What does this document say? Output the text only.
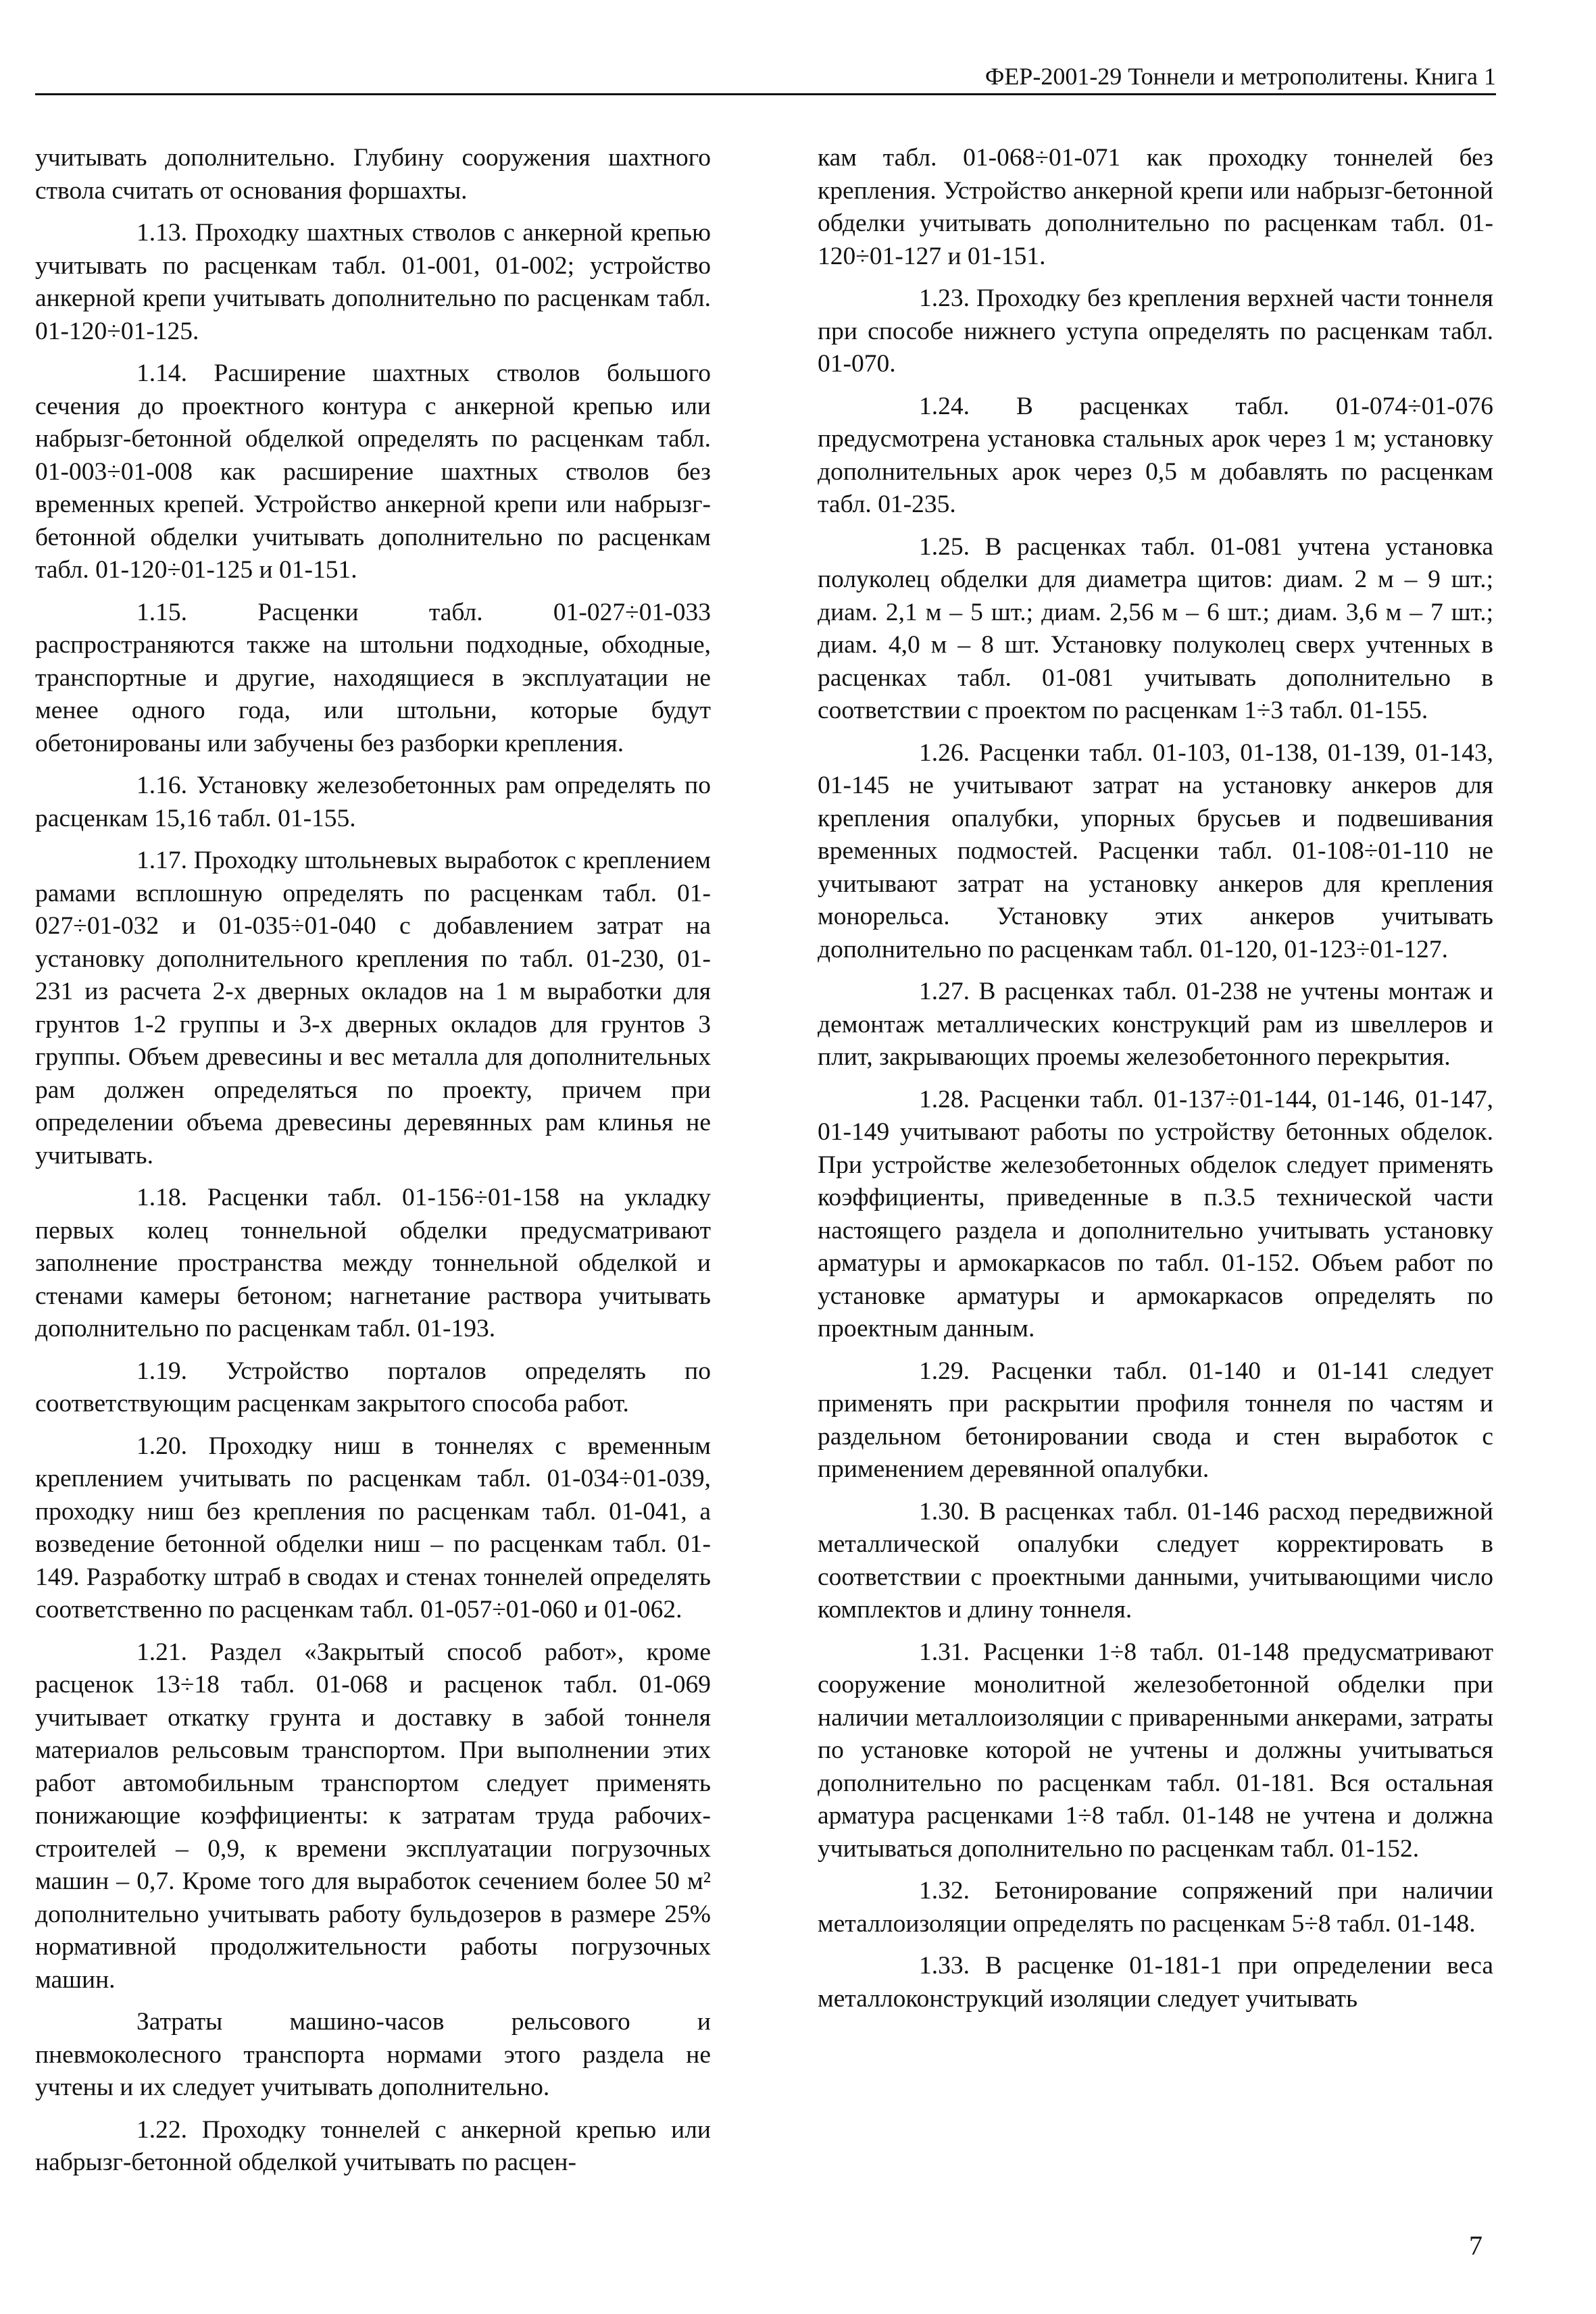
ФЕР-2001-29 Тоннели и метрополитены. Книга 1

учитывать дополнительно. Глубину сооружения шахтного ствола считать от основания форшахты.

1.13. Проходку шахтных стволов с анкерной крепью учитывать по расценкам табл. 01-001, 01-002; устройство анкерной крепи учитывать дополнительно по расценкам табл. 01-120÷01-125.

1.14. Расширение шахтных стволов большого сечения до проектного контура с анкерной крепью или набрызг-бетонной обделкой определять по расценкам табл. 01-003÷01-008 как расширение шахтных стволов без временных крепей. Устройство анкерной крепи или набрызг-бетонной обделки учитывать дополнительно по расценкам табл. 01-120÷01-125 и 01-151.

1.15. Расценки табл. 01-027÷01-033 распространяются также на штольни подходные, обходные, транспортные и другие, находящиеся в эксплуатации не менее одного года, или штольни, которые будут обетонированы или забучены без разборки крепления.

1.16. Установку железобетонных рам определять по расценкам 15,16 табл. 01-155.

1.17. Проходку штольневых выработок с креплением рамами всплошную определять по расценкам табл. 01-027÷01-032 и 01-035÷01-040 с добавлением затрат на установку дополнительного крепления по табл. 01-230, 01-231 из расчета 2-х дверных окладов на 1 м выработки для грунтов 1-2 группы и 3-х дверных окладов для грунтов 3 группы. Объем древесины и вес металла для дополнительных рам должен определяться по проекту, причем при определении объема древесины деревянных рам клинья не учитывать.

1.18. Расценки табл. 01-156÷01-158 на укладку первых колец тоннельной обделки предусматривают заполнение пространства между тоннельной обделкой и стенами камеры бетоном; нагнетание раствора учитывать дополнительно по расценкам табл. 01-193.

1.19. Устройство порталов определять по соответствующим расценкам закрытого способа работ.

1.20. Проходку ниш в тоннелях с временным креплением учитывать по расценкам табл. 01-034÷01-039, проходку ниш без крепления по расценкам табл. 01-041, а возведение бетонной обделки ниш – по расценкам табл. 01-149. Разработку штраб в сводах и стенах тоннелей определять соответственно по расценкам табл. 01-057÷01-060 и 01-062.

1.21. Раздел «Закрытый способ работ», кроме расценок 13÷18 табл. 01-068 и расценок табл. 01-069 учитывает откатку грунта и доставку в забой тоннеля материалов рельсовым транспортом. При выполнении этих работ автомобильным транспортом следует применять понижающие коэффициенты: к затратам труда рабочих-строителей – 0,9, к времени эксплуатации погрузочных машин – 0,7. Кроме того для выработок сечением более 50 м² дополнительно учитывать работу бульдозеров в размере 25% нормативной продолжительности работы погрузочных машин.

Затраты машино-часов рельсового и пневмоколесного транспорта нормами этого раздела не учтены и их следует учитывать дополнительно.

1.22. Проходку тоннелей с анкерной крепью или набрызг-бетонной обделкой учитывать по расцен-

кам табл. 01-068÷01-071 как проходку тоннелей без крепления. Устройство анкерной крепи или набрызг-бетонной обделки учитывать дополнительно по расценкам табл. 01-120÷01-127 и 01-151.

1.23. Проходку без крепления верхней части тоннеля при способе нижнего уступа определять по расценкам табл. 01-070.

1.24. В расценках табл. 01-074÷01-076 предусмотрена установка стальных арок через 1 м; установку дополнительных арок через 0,5 м добавлять по расценкам табл. 01-235.

1.25. В расценках табл. 01-081 учтена установка полуколец обделки для диаметра щитов: диам. 2 м – 9 шт.; диам. 2,1 м – 5 шт.; диам. 2,56 м – 6 шт.; диам. 3,6 м – 7 шт.; диам. 4,0 м – 8 шт. Установку полуколец сверх учтенных в расценках табл. 01-081 учитывать дополнительно в соответствии с проектом по расценкам 1÷3 табл. 01-155.

1.26. Расценки табл. 01-103, 01-138, 01-139, 01-143, 01-145 не учитывают затрат на установку анкеров для крепления опалубки, упорных брусьев и подвешивания временных подмостей. Расценки табл. 01-108÷01-110 не учитывают затрат на установку анкеров для крепления монорельса. Установку этих анкеров учитывать дополнительно по расценкам табл. 01-120, 01-123÷01-127.

1.27. В расценках табл. 01-238 не учтены монтаж и демонтаж металлических конструкций рам из швеллеров и плит, закрывающих проемы железобетонного перекрытия.

1.28. Расценки табл. 01-137÷01-144, 01-146, 01-147, 01-149 учитывают работы по устройству бетонных обделок. При устройстве железобетонных обделок следует применять коэффициенты, приведенные в п.3.5 технической части настоящего раздела и дополнительно учитывать установку арматуры и армокаркасов по табл. 01-152. Объем работ по установке арматуры и армокаркасов определять по проектным данным.

1.29. Расценки табл. 01-140 и 01-141 следует применять при раскрытии профиля тоннеля по частям и раздельном бетонировании свода и стен выработок с применением деревянной опалубки.

1.30. В расценках табл. 01-146 расход передвижной металлической опалубки следует корректировать в соответствии с проектными данными, учитывающими число комплектов и длину тоннеля.

1.31. Расценки 1÷8 табл. 01-148 предусматривают сооружение монолитной железобетонной обделки при наличии металлоизоляции с приваренными анкерами, затраты по установке которой не учтены и должны учитываться дополнительно по расценкам табл. 01-181. Вся остальная арматура расценками 1÷8 табл. 01-148 не учтена и должна учитываться дополнительно по расценкам табл. 01-152.

1.32. Бетонирование сопряжений при наличии металлоизоляции определять по расценкам 5÷8 табл. 01-148.

1.33. В расценке 01-181-1 при определении веса металлоконструкций изоляции следует учитывать

7
